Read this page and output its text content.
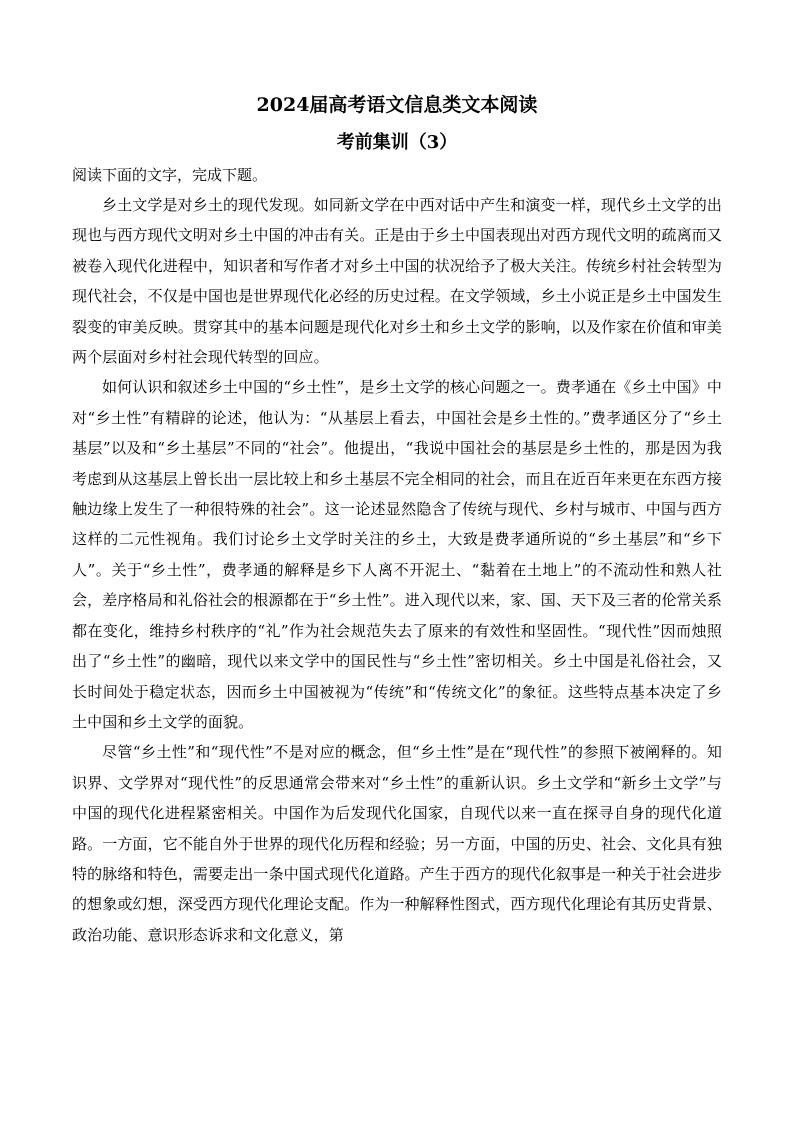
2024届高考语文信息类文本阅读
考前集训（3）

阅读下面的文字，完成下题。

乡土文学是对乡土的现代发现。如同新文学在中西对话中产生和演变一样，现代乡土文学的出现也与西方现代文明对乡土中国的冲击有关。正是由于乡土中国表现出对西方现代文明的疏离而又被卷入现代化进程中，知识者和写作者才对乡土中国的状况给予了极大关注。传统乡村社会转型为现代社会，不仅是中国也是世界现代化必经的历史过程。在文学领域，乡土小说正是乡土中国发生裂变的审美反映。贯穿其中的基本问题是现代化对乡土和乡土文学的影响，以及作家在价值和审美两个层面对乡村社会现代转型的回应。

如何认识和叙述乡土中国的“乡土性”，是乡土文学的核心问题之一。费孝通在《乡土中国》中对“乡土性”有精辟的论述，他认为：“从基层上看去，中国社会是乡土性的。”费孝通区分了“乡土基层”以及和“乡土基层”不同的“社会”。他提出，“我说中国社会的基层是乡土性的，那是因为我考虑到从这基层上曾长出一层比较上和乡土基层不完全相同的社会，而且在近百年来更在东西方接触边缘上发生了一种很特殊的社会”。这一论述显然隐含了传统与现代、乡村与城市、中国与西方这样的二元性视角。我们讨论乡土文学时关注的乡土，大致是费孝通所说的“乡土基层”和“乡下人”。关于“乡土性”，费孝通的解释是乡下人离不开泥土、“黏着在土地上”的不流动性和熟人社会，差序格局和礼俗社会的根源都在于“乡土性”。进入现代以来，家、国、天下及三者的伦常关系都在变化，维持乡村秩序的“礼”作为社会规范失去了原来的有效性和坚固性。“现代性”因而烛照出了“乡土性”的幽暗，现代以来文学中的国民性与“乡土性”密切相关。乡土中国是礼俗社会，又长时间处于稳定状态，因而乡土中国被视为“传统”和“传统文化”的象征。这些特点基本决定了乡土中国和乡土文学的面貌。

尽管“乡土性”和“现代性”不是对应的概念，但“乡土性”是在“现代性”的参照下被阐释的。知识界、文学界对“现代性”的反思通常会带来对“乡土性”的重新认识。乡土文学和“新乡土文学”与中国的现代化进程紧密相关。中国作为后发现代化国家，自现代以来一直在探寻自身的现代化道路。一方面，它不能自外于世界的现代化历程和经验；另一方面，中国的历史、社会、文化具有独特的脉络和特色，需要走出一条中国式现代化道路。产生于西方的现代化叙事是一种关于社会进步的想象或幻想，深受西方现代化理论支配。作为一种解释性图式，西方现代化理论有其历史背景、政治功能、意识形态诉求和文化意义，第
